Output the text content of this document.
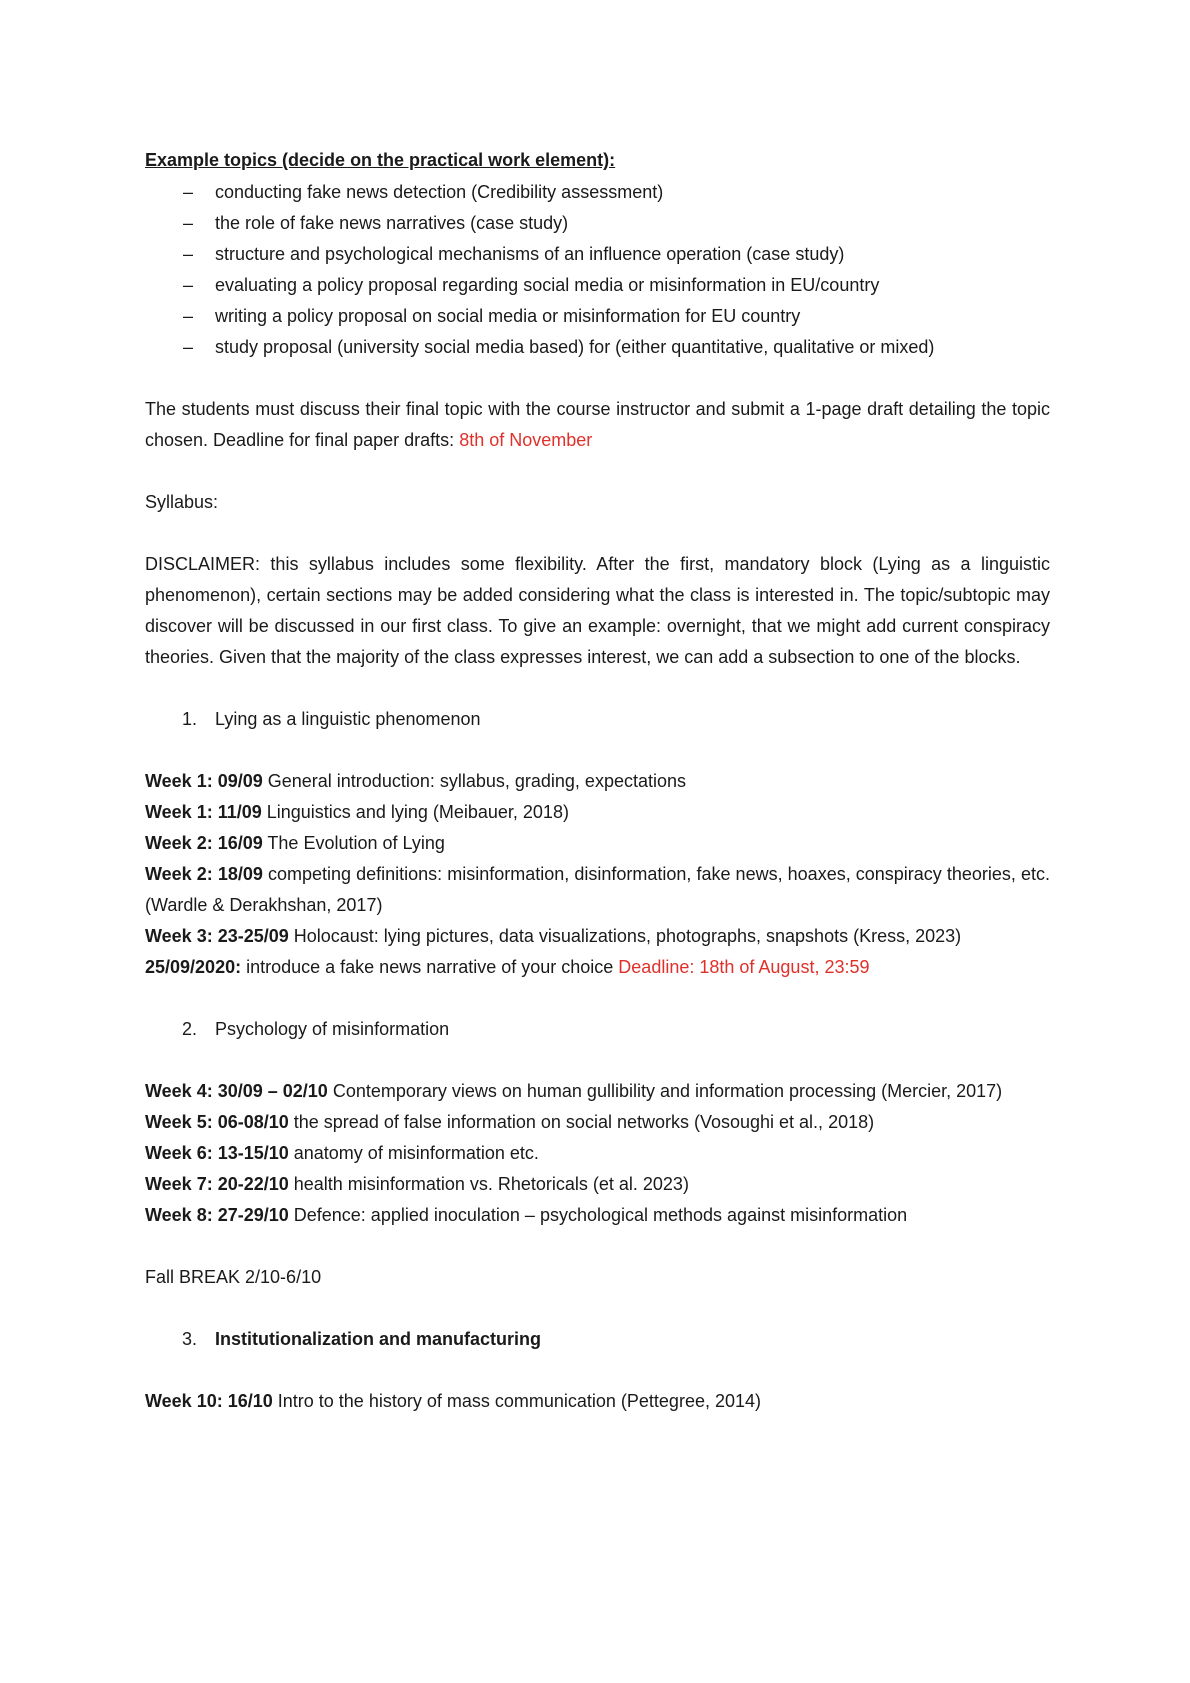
Example topics (decide on the practical work element):
– conducting fake news detection (Credibility assessment)
– the role of fake news narratives (case study)
– structure and psychological mechanisms of an influence operation (case study)
– evaluating a policy proposal regarding social media or misinformation in EU/country
– writing a policy proposal on social media or misinformation for EU country
– study proposal (university social media based) for (either quantitative, qualitative or mixed)

The students must discuss their final topic with the course instructor and submit a 1-page draft detailing the topic chosen. Deadline for final paper drafts: 8th of November

Syllabus:

DISCLAIMER: this syllabus includes some flexibility. After the first, mandatory block (Lying as a linguistic phenomenon), certain sections may be added considering what the class is interested in. The topic/subtopic may discover will be discussed in our first class. To give an example: overnight, that we might add current conspiracy theories. Given that the majority of the class expresses interest, we can add a subsection to one of the blocks.

1. Lying as a linguistic phenomenon

Week 1: 09/09 General introduction: syllabus, grading, expectations

Week 1: 11/09 Linguistics and lying (Meibauer, 2018)

Week 2: 16/09 The Evolution of Lying

Week 2: 18/09 competing definitions: misinformation, disinformation, fake news, hoaxes, conspiracy theories, etc. (Wardle & Derakhshan, 2017)

Week 3: 23-25/09 Holocaust: lying pictures, data visualizations, photographs, snapshots (Kress, 2023)

25/09/2020: introduce a fake news narrative of your choice Deadline: 18th of August, 23:59

2. Psychology of misinformation

Week 4: 30/09 – 02/10 Contemporary views on human gullibility and information processing (Mercier, 2017)

Week 5: 06-08/10 the spread of false information on social networks (Vosoughi et al., 2018)

Week 6: 13-15/10 anatomy of misinformation etc.

Week 7: 20-22/10 health misinformation vs. Rhetoricals (et al. 2023)

Week 8: 27-29/10 Defence: applied inoculation – psychological methods against misinformation

Fall BREAK 2/10-6/10

3. Institutionalization and manufacturing

Week 10: 16/10 Intro to the history of mass communication (Pettegree, 2014)
